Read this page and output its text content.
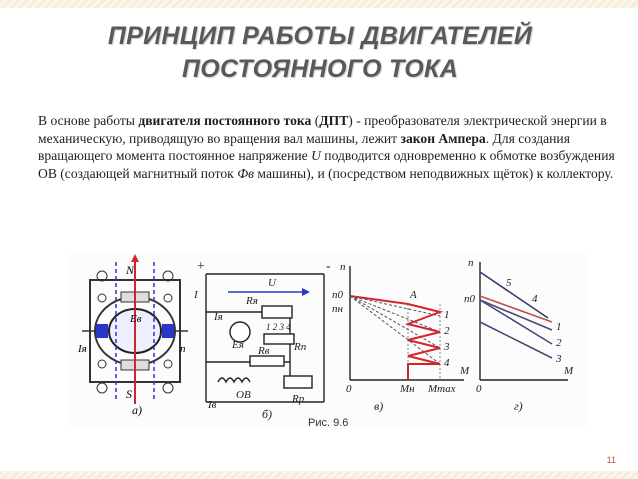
ПРИНЦИП РАБОТЫ ДВИГАТЕЛЕЙ
ПОСТОЯННОГО ТОКА
В основе работы двигателя постоянного тока (ДПТ) - преобразователя электрической энергии в механическую, приводящую во вращения вал машины, лежит закон Ампера. Для создания вращающего момента постоянное напряжение U подводится одновременно к обмотке возбуждения ОВ (создающей магнитный поток Фв машины), и (посредством неподвижных щёток) к коллектору.
N
S
Eв
Iя	n
а)
+	-
U
I
Iя
Rя
1 2 3 4
Eя	Rп
Rв
Iв
ОВ	Rр
б)
n
n0
nн
A
M
0	Mн Mmax
1
2
3
4
в)
n
n0
M
0
5
4
1
2
3
г)
Рис. 9.6
11
